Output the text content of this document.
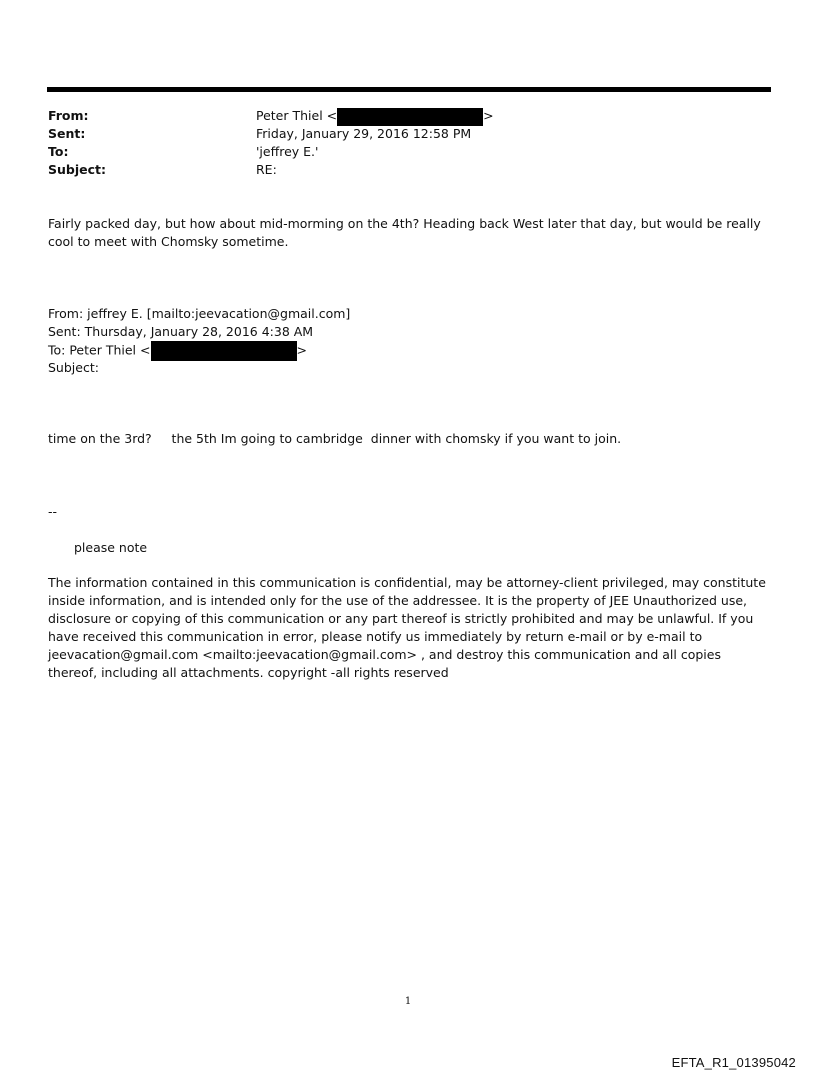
From:	Peter Thiel <	>
Sent:	Friday, January 29, 2016 12:58 PM
To:	'jeffrey E.'
Subject:	RE:

Fairly packed day, but how about mid-morming on the 4th? Heading back West later that day, but would be really cool to meet with Chomsky sometime.

From: jeffrey E. [mailto:jeevacation@gmail.com]
Sent: Thursday, January 28, 2016 4:38 AM
To: Peter Thiel <	>
Subject:
time on the 3rd?     the 5th Im going to cambridge  dinner with chomsky if you want to join.
--
please note

The information contained in this communication is confidential, may be attorney-client privileged, may constitute inside information, and is intended only for the use of the addressee. It is the property of JEE Unauthorized use, disclosure or copying of this communication or any part thereof is strictly prohibited and may be unlawful. If you have received this communication in error, please notify us immediately by return e-mail or by e-mail to jeevacation@gmail.com <mailto:jeevacation@gmail.com> , and destroy this communication and all copies thereof, including all attachments. copyright -all rights reserved

1
EFTA_R1_01395042
